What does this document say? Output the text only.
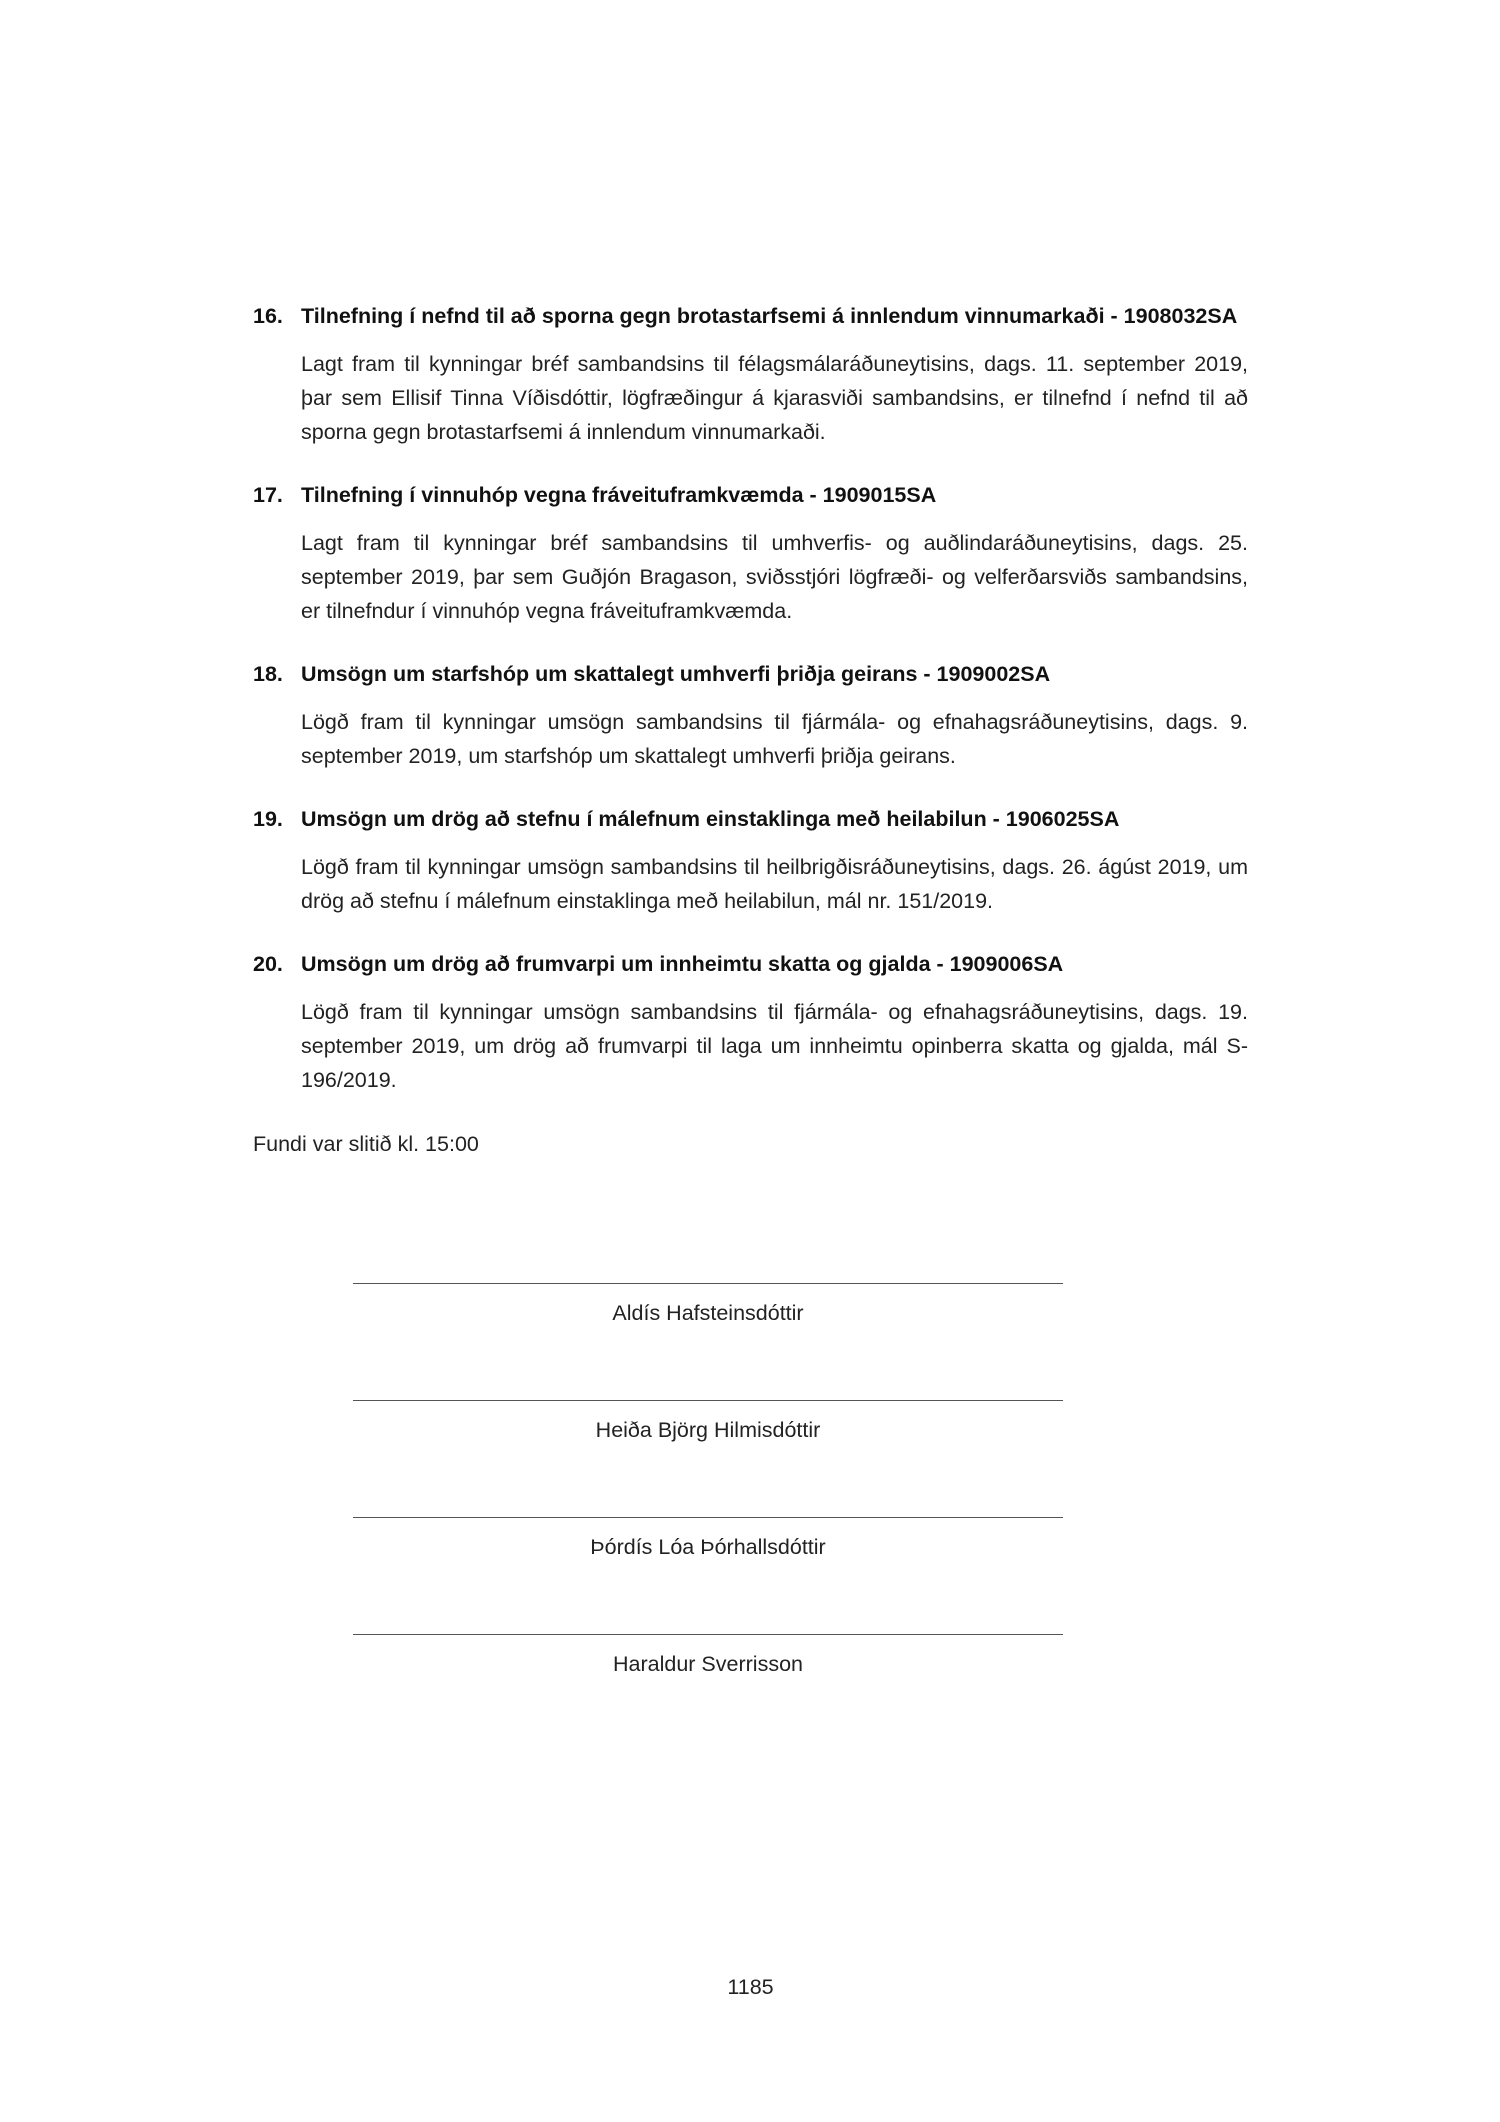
16. Tilnefning í nefnd til að sporna gegn brotastarfsemi á innlendum vinnumarkaði - 1908032SA

Lagt fram til kynningar bréf sambandsins til félagsmálaráðuneytisins, dags. 11. september 2019, þar sem Ellisif Tinna Víðisdóttir, lögfræðingur á kjarasviði sambandsins, er tilnefnd í nefnd til að sporna gegn brotastarfsemi á innlendum vinnumarkaði.

17. Tilnefning í vinnuhóp vegna fráveituframkvæmda - 1909015SA

Lagt fram til kynningar bréf sambandsins til umhverfis- og auðlindaráðuneytisins, dags. 25. september 2019, þar sem Guðjón Bragason, sviðsstjóri lögfræði- og velferðarsviðs sambandsins, er tilnefndur í vinnuhóp vegna fráveituframkvæmda.

18. Umsögn um starfshóp um skattalegt umhverfi þriðja geirans - 1909002SA

Lögð fram til kynningar umsögn sambandsins til fjármála- og efnahagsráðuneytisins, dags. 9. september 2019, um starfshóp um skattalegt umhverfi þriðja geirans.

19. Umsögn um drög að stefnu í málefnum einstaklinga með heilabilun - 1906025SA

Lögð fram til kynningar umsögn sambandsins til heilbrigðisráðuneytisins, dags. 26. ágúst 2019, um drög að stefnu í málefnum einstaklinga með heilabilun, mál nr. 151/2019.

20. Umsögn um drög að frumvarpi um innheimtu skatta og gjalda - 1909006SA

Lögð fram til kynningar umsögn sambandsins til fjármála- og efnahagsráðuneytisins, dags. 19. september 2019, um drög að frumvarpi til laga um innheimtu opinberra skatta og gjalda, mál S-196/2019.

Fundi var slitið kl. 15:00

Aldís Hafsteinsdóttir
Heiða Björg Hilmisdóttir
Þórdís Lóa Þórhallsdóttir
Haraldur Sverrisson
1185
